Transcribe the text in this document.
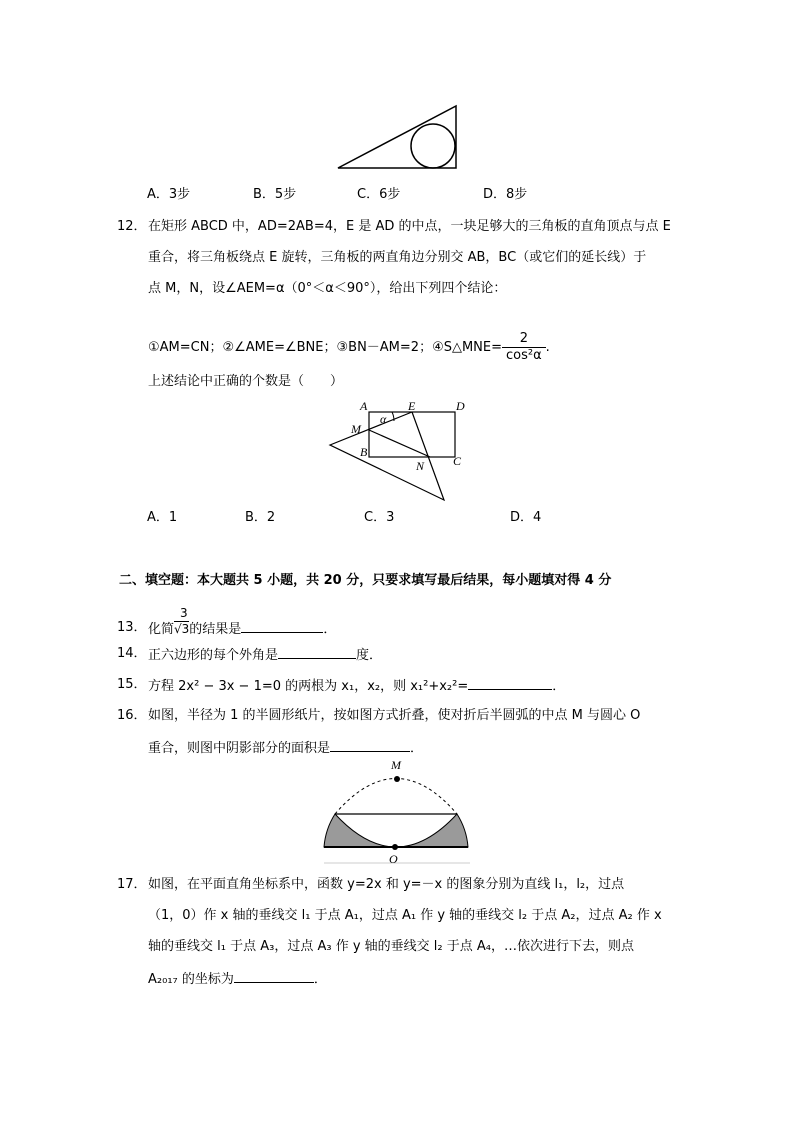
A．3步	B．5步	C．6步	D．8步
12． 在矩形 ABCD 中，AD=2AB=4，E 是 AD 的中点，一块足够大的三角板的直角顶点与点 E
重合，将三角板绕点 E 旋转，三角板的两直角边分别交 AB，BC（或它们的延长线）于
点 M，N，设∠AEM=α（0°＜α＜90°），给出下列四个结论：
①AM=CN；②∠AME=∠BNE；③BN－AM=2；④S△MNE= $\frac{2}{\text{cos²α}}$ .
上述结论中正确的个数是（　　）
A	E	D
M
B
N C
α
A．1	B．2	C．3	D．4
二、填空题：本大题共 5 小题，共 20 分，只要求填写最后结果，每小题填对得 4 分
13． 化简 $\frac{3}{√3}$的结果是	．
14． 正六边形的每个外角是	度．
15． 方程 2x² − 3x − 1=0 的两根为 x₁，x₂，则 x₁²+x₂²=	．
16． 如图，半径为 1 的半圆形纸片，按如图方式折叠，使对折后半圆弧的中点 M 与圆心 O
重合，则图中阴影部分的面积是	．
M
O
17． 如图，在平面直角坐标系中，函数 y=2x 和 y=－x 的图象分别为直线 l₁，l₂，过点
（1，0）作 x 轴的垂线交 l₁ 于点 A₁，过点 A₁ 作 y 轴的垂线交 l₂ 于点 A₂，过点 A₂ 作 x
轴的垂线交 l₁ 于点 A₃，过点 A₃ 作 y 轴的垂线交 l₂ 于点 A₄，…依次进行下去，则点
A₂₀₁₇ 的坐标为	．
